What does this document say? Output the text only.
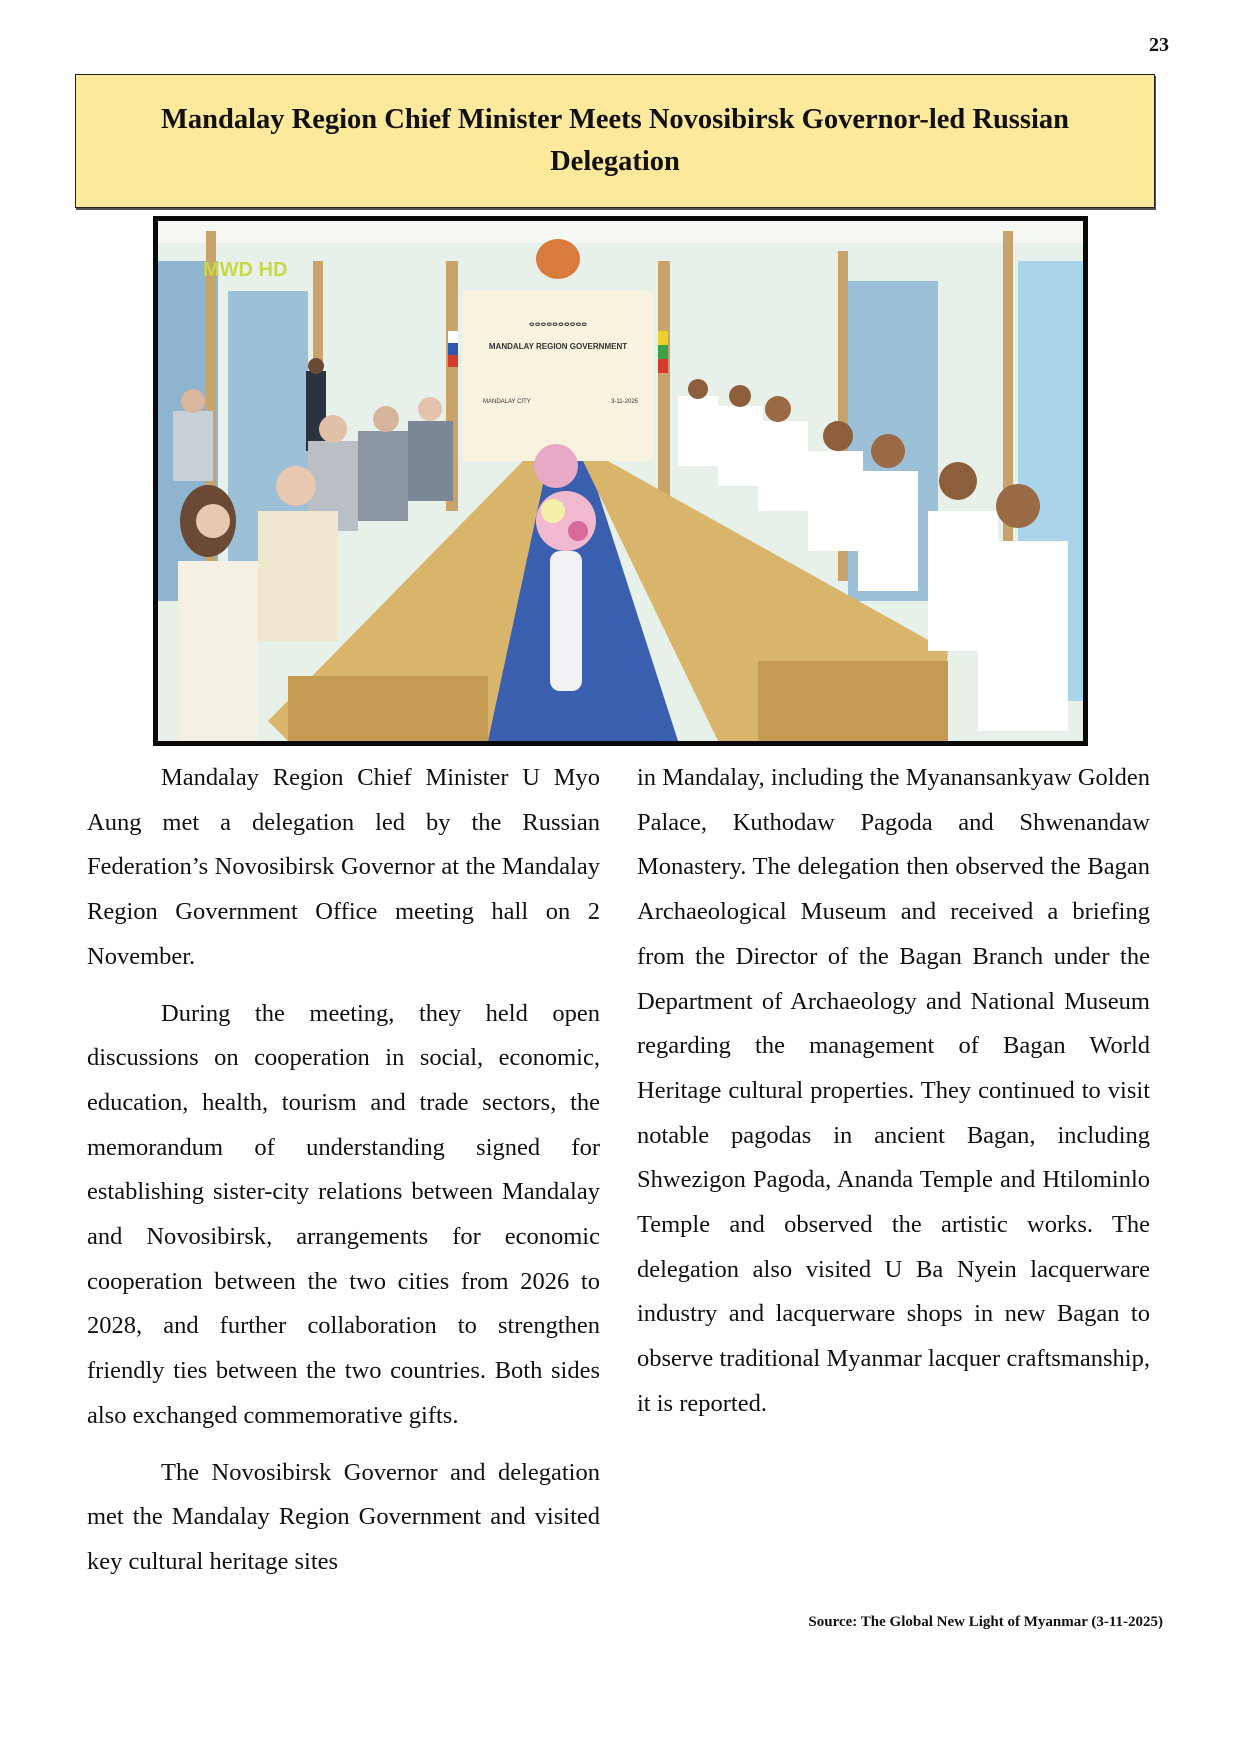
23
Mandalay Region Chief Minister Meets Novosibirsk Governor-led Russian Delegation
ⴰⴰⴰⴰⴰⴰⴰⴰⴰⴰ
MANDALAY REGION GOVERNMENT
MANDALAY CITY	3-11-2025
MWD HD

Mandalay Region Chief Minister U Myo Aung met a delegation led by the Russian Federation’s Novosibirsk Governor at the Mandalay Region Government Office meeting hall on 2 November.

During the meeting, they held open discussions on cooperation in social, economic, education, health, tourism and trade sectors, the memorandum of understanding signed for establishing sister-city relations between Mandalay and Novosibirsk, arrangements for economic cooperation between the two cities from 2026 to 2028, and further collaboration to strengthen friendly ties between the two countries. Both sides also exchanged commemorative gifts.

The Novosibirsk Governor and delegation met the Mandalay Region Government and visited key cultural heritage sites

in Mandalay, including the Myanansankyaw Golden Palace, Kuthodaw Pagoda and Shwenandaw Monastery. The delegation then observed the Bagan Archaeological Museum and received a briefing from the Director of the Bagan Branch under the Department of Archaeology and National Museum regarding the management of Bagan World Heritage cultural properties. They continued to visit notable pagodas in ancient Bagan, including Shwezigon Pagoda, Ananda Temple and Htilominlo Temple and observed the artistic works. The delegation also visited U Ba Nyein lacquerware industry and lacquerware shops in new Bagan to observe traditional Myanmar lacquer craftsmanship, it is reported.

Source: The Global New Light of Myanmar (3-11-2025)
